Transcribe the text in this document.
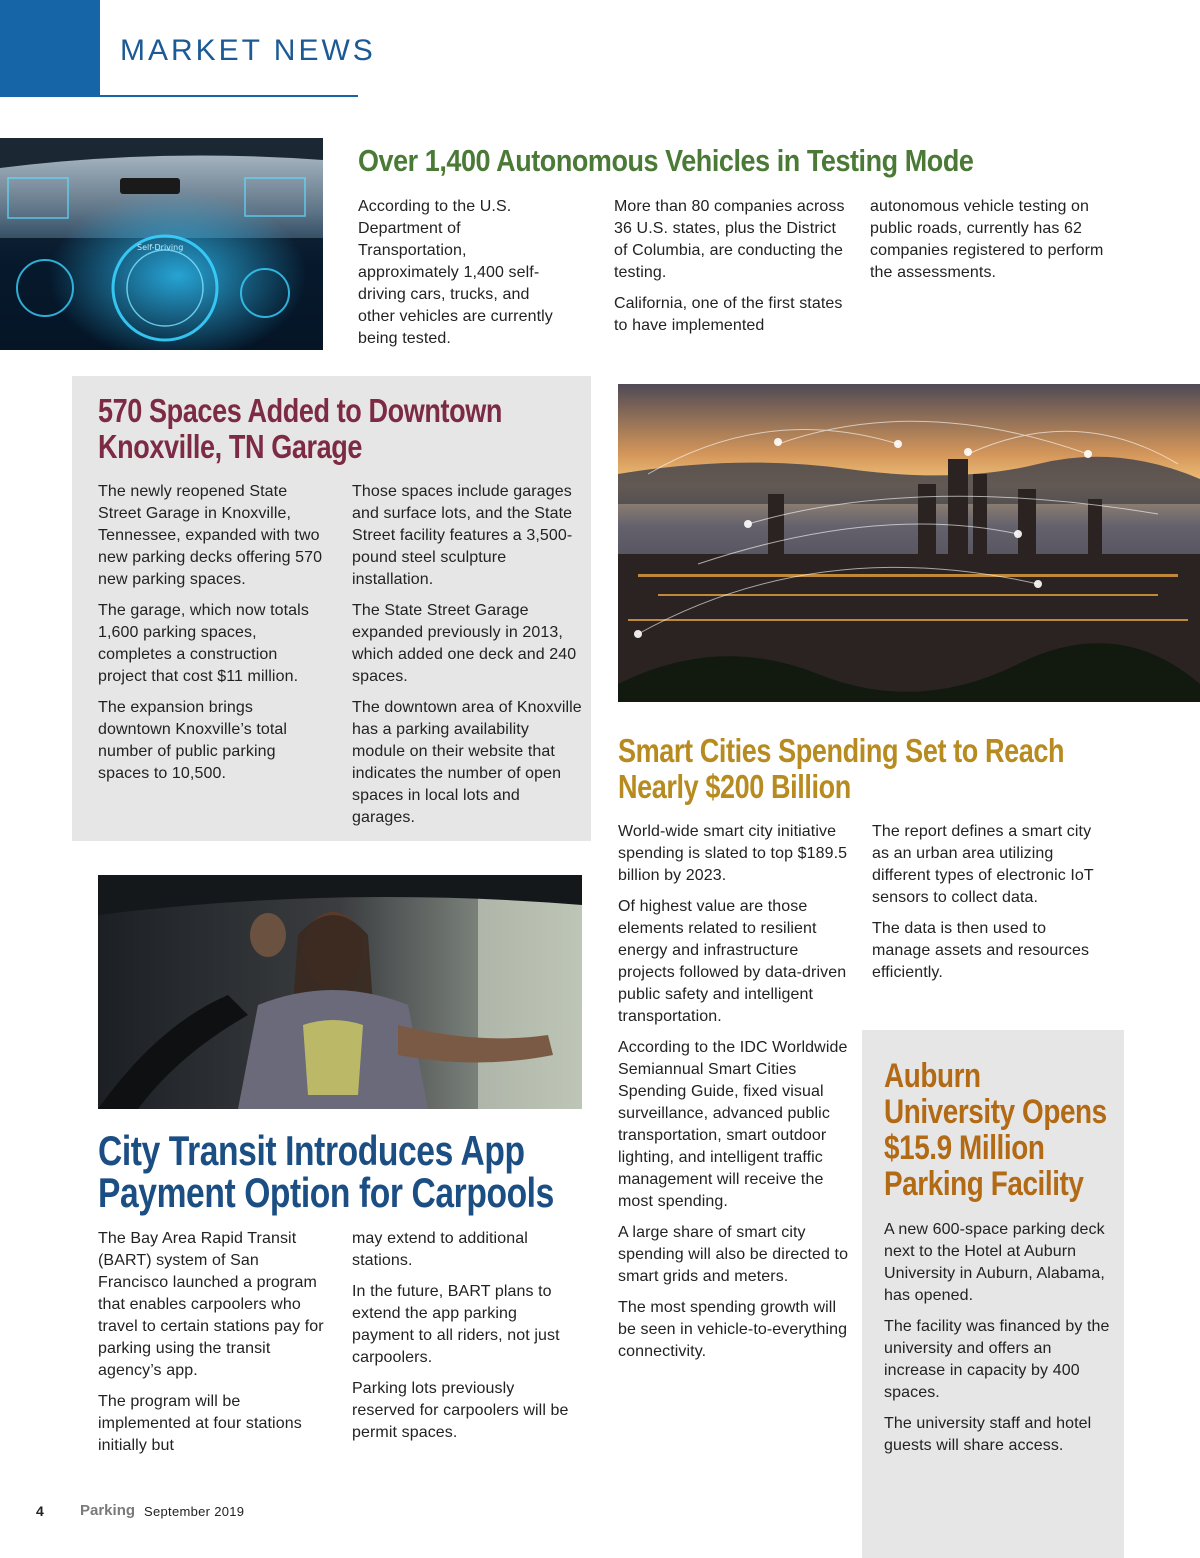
MARKET NEWS
Self-Driving
Over 1,400 Autonomous Vehicles in Testing Mode

According to the U.S. Department of Transportation, approximately 1,400 self-driving cars, trucks, and other vehicles are currently being tested.

More than 80 companies across 36 U.S. states, plus the District of Columbia, are conducting the testing.

California, one of the first states to have implemented

autonomous vehicle testing on public roads, currently has 62 companies registered to perform the assessments.

570 Spaces Added to Downtown
Knoxville, TN Garage

The newly reopened State Street Garage in Knoxville, Tennessee, expanded with two new parking decks offering 570 new parking spaces.

The garage, which now totals 1,600 parking spaces, completes a construction project that cost $11 million.

The expansion brings downtown Knoxville’s total number of public parking spaces to 10,500.

Those spaces include garages and surface lots, and the State Street facility features a 3,500-pound steel sculpture installation.

The State Street Garage expanded previously in 2013, which added one deck and 240 spaces.

The downtown area of Knoxville has a parking availability module on their website that indicates the number of open spaces in local lots and garages.

Smart Cities Spending Set to Reach
Nearly $200 Billion

World-wide smart city initiative spending is slated to top $189.5 billion by 2023.

Of highest value are those elements related to resilient energy and infrastructure projects followed by data-driven public safety and intelligent transportation.

According to the IDC Worldwide Semiannual Smart Cities Spending Guide, fixed visual surveillance, advanced public transportation, smart outdoor lighting, and intelligent traffic management will receive the most spending.

A large share of smart city spending will also be directed to smart grids and meters.

The most spending growth will be seen in vehicle-to-everything connectivity.

The report defines a smart city as an urban area utilizing different types of electronic IoT sensors to collect data.

The data is then used to manage assets and resources efficiently.

City Transit Introduces App
Payment Option for Carpools

The Bay Area Rapid Transit (BART) system of San Francisco launched a program that enables carpoolers who travel to certain stations pay for parking using the transit agency’s app.

The program will be implemented at four stations initially but

may extend to additional stations.

In the future, BART plans to extend the app parking payment to all riders, not just carpoolers.

Parking lots previously reserved for carpoolers will be permit spaces.

Auburn
University Opens
$15.9 Million
Parking Facility

A new 600-space parking deck next to the Hotel at Auburn University in Auburn, Alabama, has opened.

The facility was financed by the university and offers an increase in capacity by 400 spaces.

The university staff and hotel guests will share access.

4 Parking September 2019
